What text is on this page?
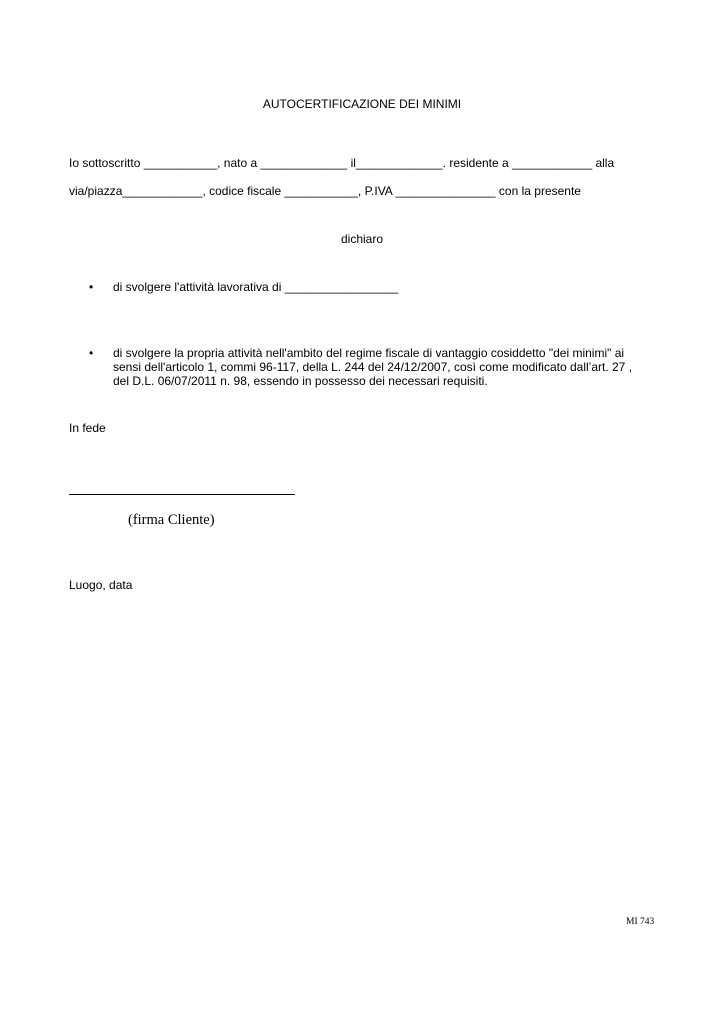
AUTOCERTIFICAZIONE DEI MINIMI
Io sottoscritto ___________, nato a _____________ il_____________. residente a ____________ alla
via/piazza____________, codice fiscale ___________, P.IVA _______________ con la presente
dichiaro
• di svolgere l'attività lavorativa di _________________
• di svolgere la propria attività nell'ambito del regime fiscale di vantaggio cosiddetto "dei minimi" ai
sensi dell'articolo 1, commi 96-117, della L. 244 del 24/12/2007, così come modificato dall’art. 27 ,
del D.L. 06/07/2011 n. 98, essendo in possesso dei necessari requisiti.
In fede
(firma Cliente)
Luogo, data
MI 743
